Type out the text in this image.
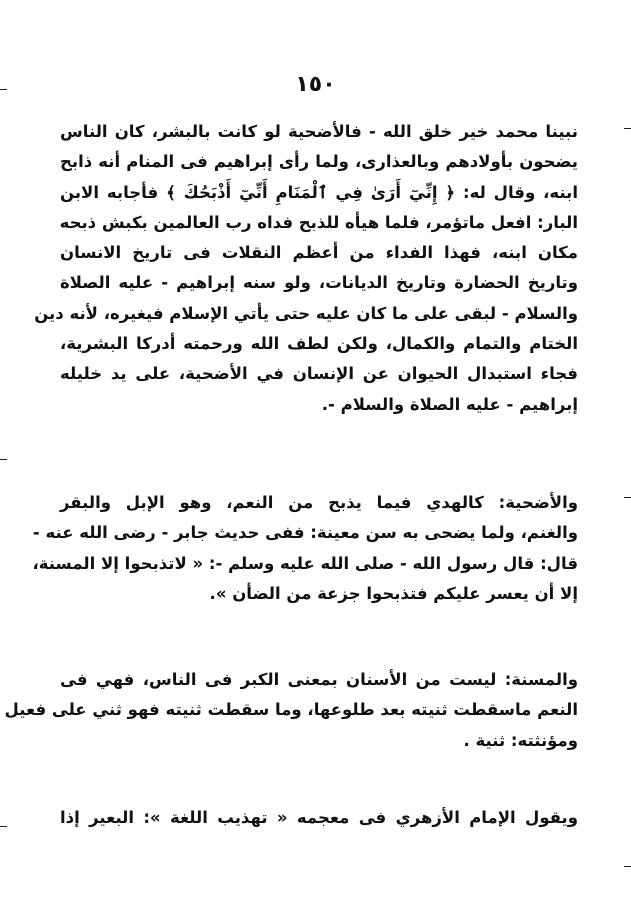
١٥٠
نبينا محمد خير خلق الله - فالأضحية لو كانت بالبشر، كان الناس
يضحون بأولادهم وبالعذارى، ولما رأى إبراهيم فى المنام أنه ذابح
ابنه، وقال له: ﴿ إِنِّيٓ أَرَىٰ فِي ٱلْمَنَامِ أَنِّيٓ أَذْبَحُكَ ﴾ فأجابه الابن
البار: افعل ماتؤمر، فلما هيأه للذبح فداه رب العالمين بكبش ذبحه
مكان ابنه، فهذا الفداء من أعظم النقلات فى تاريخ الانسان
وتاريخ الحضارة وتاريخ الديانات، ولو سنه إبراهيم - عليه الصلاة
والسلام - لبقى على ما كان عليه حتى يأتي الإسلام فيغيره، لأنه دين
الختام والتمام والكمال، ولكن لطف الله ورحمته أدركا البشرية،
فجاء استبدال الحيوان عن الإنسان في الأضحية، على يد خليله
إبراهيم - عليه الصلاة والسلام -.
والأضحية: كالهدي فيما يذبح من النعم، وهو الإبل والبقر
والغنم، ولما يضحى به سن معينة: ففى حديث جابر - رضى الله عنه -
قال: قال رسول الله - صلى الله عليه وسلم -: « لاتذبحوا إلا المسنة،
إلا أن يعسر عليكم فتذبحوا جزعة من الضأن ».
والمسنة: ليست من الأسنان بمعنى الكبر فى الناس، فهي فى
النعم ماسقطت ثنيته بعد طلوعها، وما سقطت ثنيته فهو ثني على فعيل
ومؤنثته: ثنية .
ويقول الإمام الأزهري فى معجمه « تهذيب اللغة »: البعير إذا
